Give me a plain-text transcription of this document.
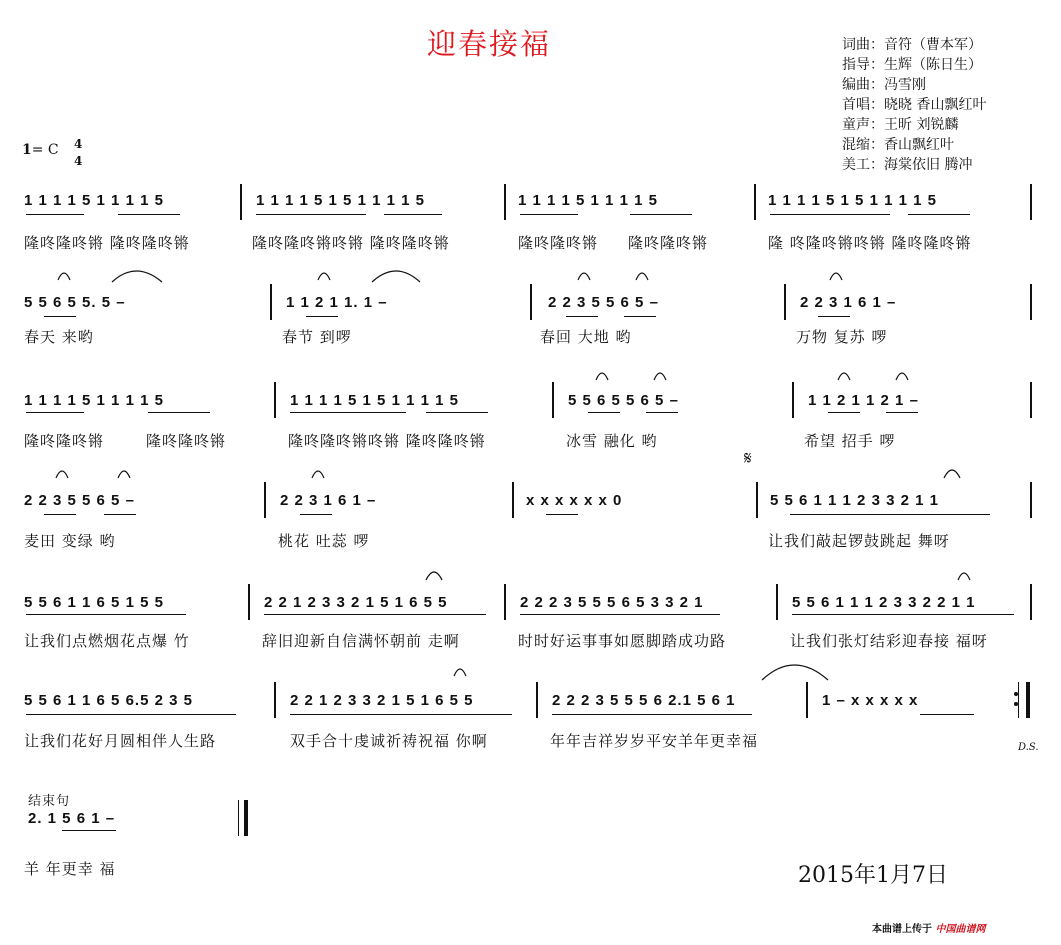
迎春接福	词曲：音符（曹本军）
指导：生辉（陈日生）
编曲：冯雪刚
首唱：晓晓 香山飘红叶
童声：王昕 刘锐麟
混缩：香山飘红叶
美工：海棠依旧 腾冲
1= C 4
4
1 1 1 1 5 1 1 1 1 5	1 1 1 1 5 1 5 1 1 1 1 5	1 1 1 1 5 1 1 1 1 5	1 1 1 1 5 1 5 1 1 1 1 5
隆咚隆咚锵 隆咚隆咚锵	隆咚隆咚锵咚锵 隆咚隆咚锵	隆咚隆咚锵 隆咚隆咚锵	隆 咚隆咚锵咚锵 隆咚隆咚锵
5 5 6 5 5. 5 –	1 1 2 1 1. 1 –	2 2 3 5 5 6 5 –	2 2 3 1 6 1 –
春天 来哟	春节 到啰	春回 大地 哟	万物 复苏 啰
1 1 1 1 5 1 1 1 1 5	1 1 1 1 5 1 5 1 1 1 1 5	5 5 6 5 5 6 5 –	1 1 2 1 1 2 1 –
隆咚隆咚锵	隆咚隆咚锵	隆咚隆咚锵咚锵 隆咚隆咚锵	冰雪 融化 哟	希望 招手 啰
𝄋
2 2 3 5 5 6 5 –	2 2 3 1 6 1 –	x x x x x x 0	5 5 6 1 1 1 2 3 3 2 1 1
麦田 变绿 哟	桃花 吐蕊 啰	让我们敲起锣鼓跳起 舞呀
5 5 6 1 1 6 5 1 5 5	2 2 1 2 3 3 2 1 5 1 6 5 5	2 2 2 3 5 5 5 6 5 3 3 2 1	5 5 6 1 1 1 2 3 3 2 2 1 1
让我们点燃烟花点爆 竹	辞旧迎新自信满怀朝前 走啊	时时好运事事如愿脚踏成功路	让我们张灯结彩迎春接 福呀
5 5 6 1 1 6 5 6.5 2 3 5	2 2 1 2 3 3 2 1 5 1 6 5 5	2 2 2 3 5 5 5 6 2.1 5 6 1	1 – x x x x x
让我们花好月圆相伴人生路	双手合十虔诚祈祷祝福 你啊	年年吉祥岁岁平安羊年更幸福	D.S.
结束句
2. 1 5 6 1 –
羊 年更幸 福	2015年1月7日
本曲谱上传于 中国曲谱网
